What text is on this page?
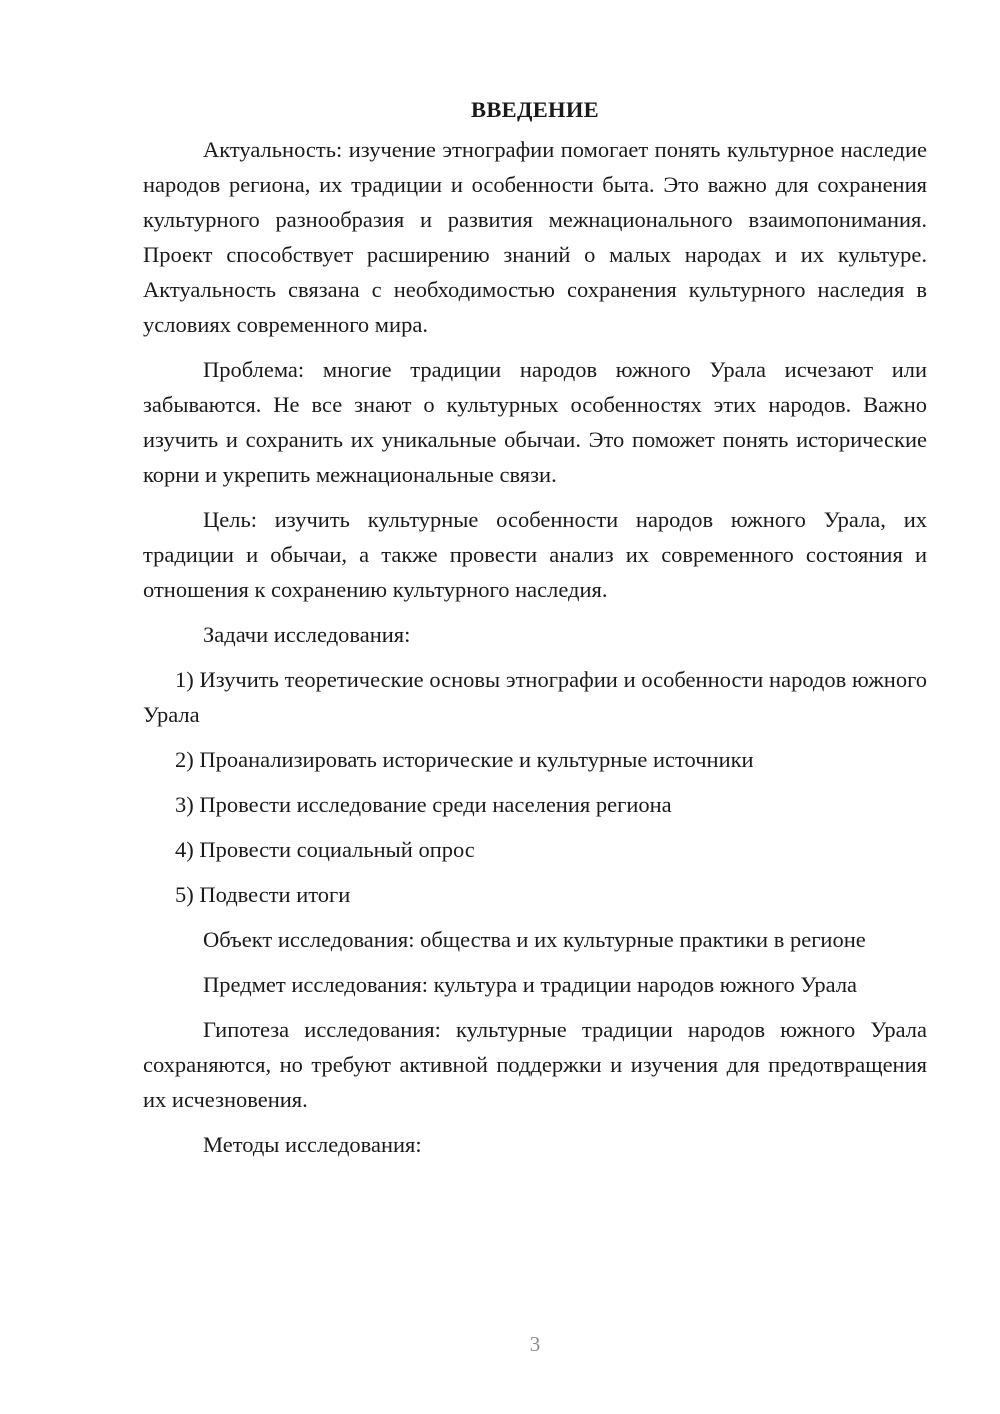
ВВЕДЕНИЕ

Актуальность: изучение этнографии помогает понять культурное наследие народов региона, их традиции и особенности быта. Это важно для сохранения культурного разнообразия и развития межнационального взаимопонимания. Проект способствует расширению знаний о малых народах и их культуре. Актуальность связана с необходимостью сохранения культурного наследия в условиях современного мира.

Проблема: многие традиции народов южного Урала исчезают или забываются. Не все знают о культурных особенностях этих народов. Важно изучить и сохранить их уникальные обычаи. Это поможет понять исторические корни и укрепить межнациональные связи.

Цель: изучить культурные особенности народов южного Урала, их традиции и обычаи, а также провести анализ их современного состояния и отношения к сохранению культурного наследия.

Задачи исследования:

1) Изучить теоретические основы этнографии и особенности народов южного Урала

2) Проанализировать исторические и культурные источники

3) Провести исследование среди населения региона

4) Провести социальный опрос

5) Подвести итоги

Объект исследования: общества и их культурные практики в регионе

Предмет исследования: культура и традиции народов южного Урала

Гипотеза исследования: культурные традиции народов южного Урала сохраняются, но требуют активной поддержки и изучения для предотвращения их исчезновения.

Методы исследования:

3
